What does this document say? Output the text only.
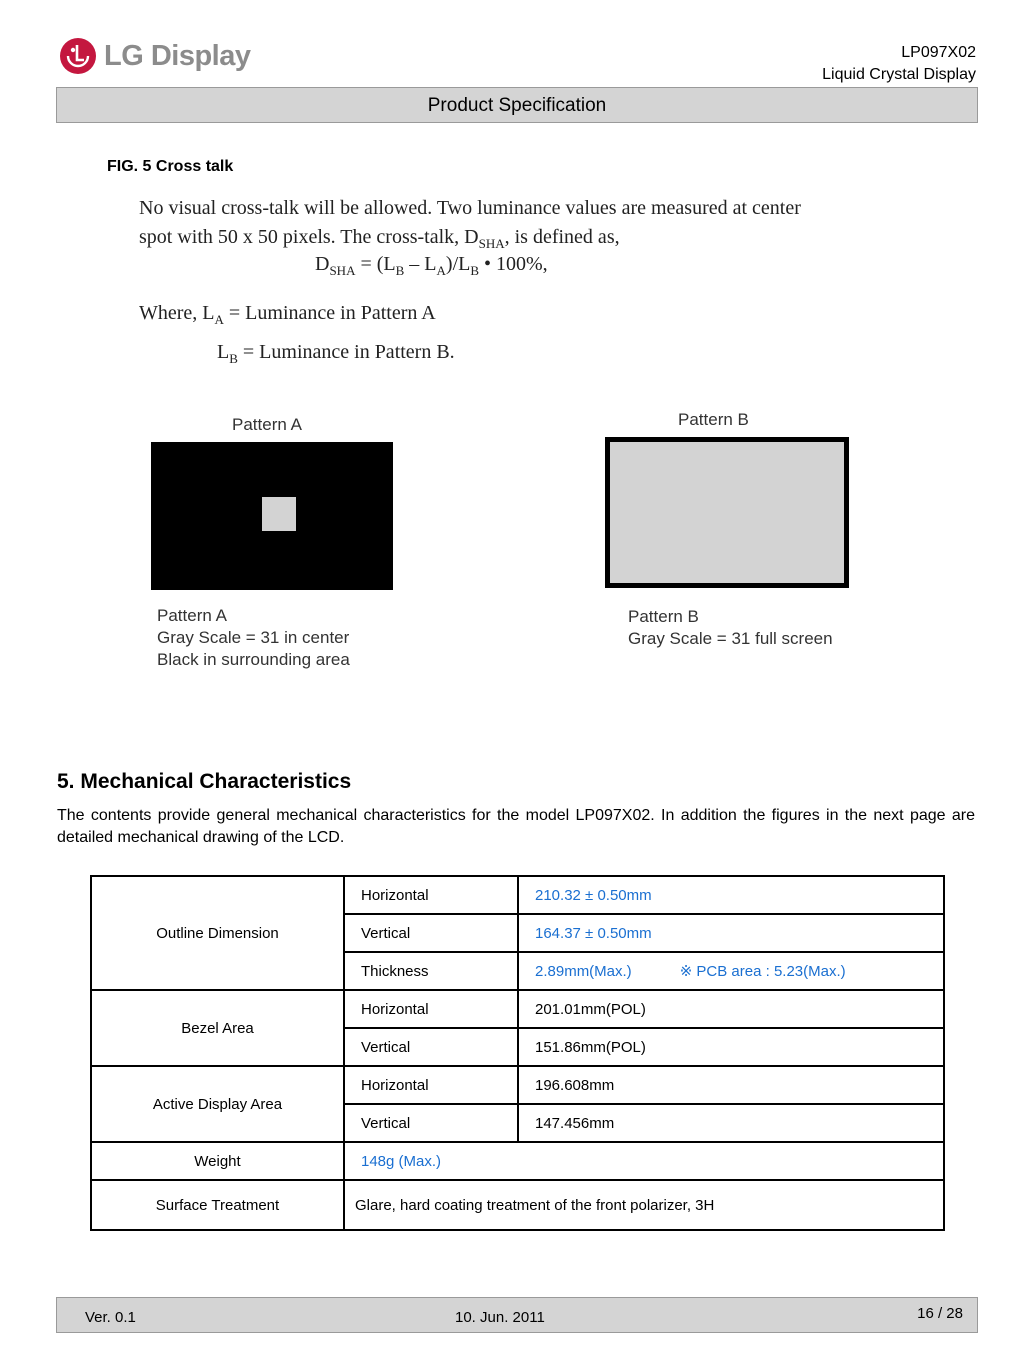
LG Display	LP097X02
Liquid Crystal Display
Product Specification
FIG. 5 Cross talk
No visual cross-talk will be allowed. Two luminance values are measured at center
spot with 50 x 50 pixels. The cross-talk, $D_{SHA}$, is defined as,
$D_{SHA} = (L_B - L_A)/L_B$ • 100%,
Where, $L_A$ = Luminance in Pattern A
$L_B$ = Luminance in Pattern B.
Pattern A	Pattern B
Pattern A
Gray Scale = 31 in center
Black in surrounding area
Pattern B
Gray Scale = 31 full screen
5. Mechanical Characteristics
The contents provide general mechanical characteristics for the model LP097X02. In addition the figures in the next page are detailed mechanical drawing of the LCD.
Outline Dimension	Horizontal	210.32 ± 0.50mm
	Vertical	164.37 ± 0.50mm
	Thickness	2.89mm(Max.) ※ PCB area : 5.23(Max.)
Bezel Area	Horizontal	201.01mm(POL)
	Vertical	151.86mm(POL)
Active Display Area	Horizontal	196.608mm
	Vertical	147.456mm
Weight	148g (Max.)	
Surface Treatment	Glare, hard coating treatment of the front polarizer, 3H	
Ver. 0.1	10. Jun. 2011	16 / 28
